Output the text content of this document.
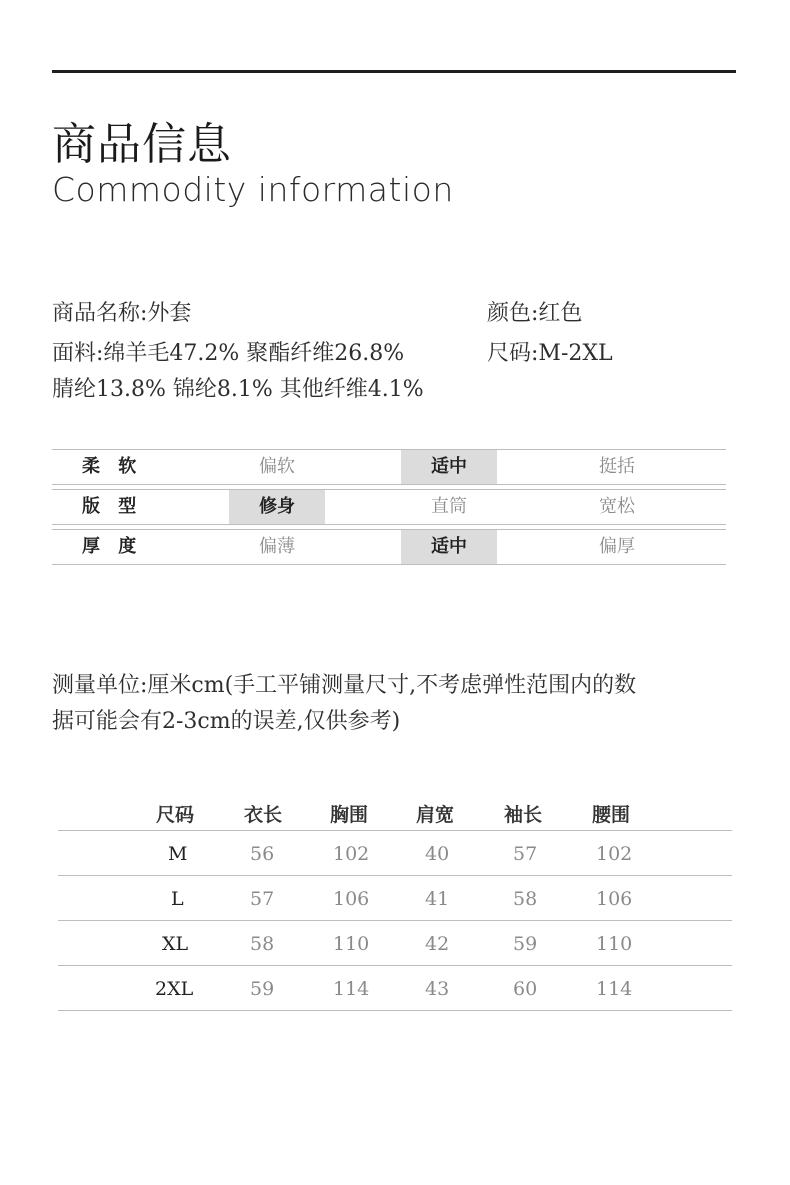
商品信息
Commodity information
商品名称:外套	颜色:红色
面料:绵羊毛47.2% 聚酯纤维26.8%	尺码:M-2XL
腈纶13.8% 锦纶8.1% 其他纤维4.1%
柔 软	偏软	适中	挺括
版 型	修身	直筒	宽松
厚 度	偏薄	适中	偏厚
测量单位:厘米cm(手工平铺测量尺寸,不考虑弹性范围内的数
据可能会有2-3cm的误差,仅供参考)
尺码	衣长	胸围	肩宽	袖长	腰围
M	56	102	40	57	102
L	57	106	41	58	106
XL	58	110	42	59	110
2XL	59	114	43	60	114
